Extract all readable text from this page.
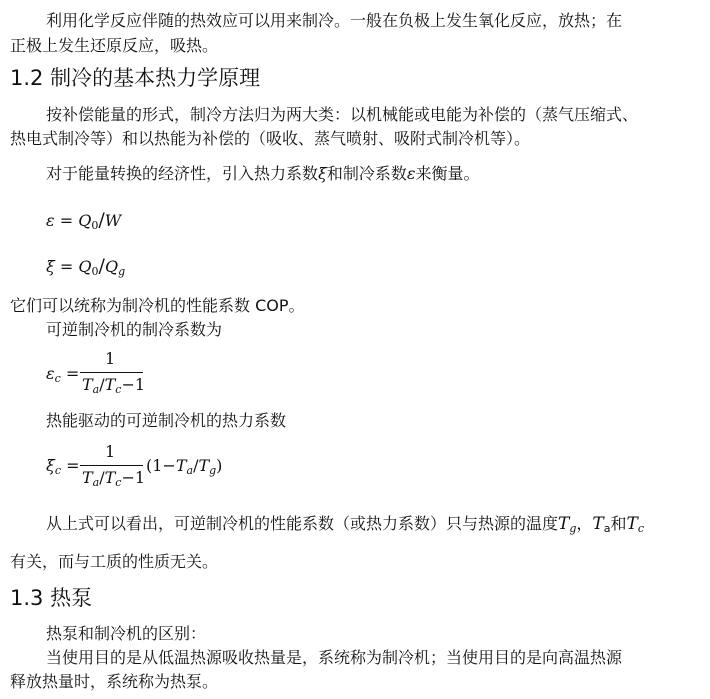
利用化学反应伴随的热效应可以用来制冷。一般在负极上发生氧化反应，放热；在
正极上发生还原反应，吸热。
1.2 制冷的基本热力学原理
按补偿能量的形式，制冷方法归为两大类：以机械能或电能为补偿的（蒸气压缩式、
热电式制冷等）和以热能为补偿的（吸收、蒸气喷射、吸附式制冷机等）。
对于能量转换的经济性，引入热力系数ξ和制冷系数ε来衡量。
$\varepsilon = Q_0/W$
$\xi = Q_0/Q_g$
它们可以统称为制冷机的性能系数 COP。
可逆制冷机的制冷系数为
$\varepsilon_c$ =
1
$T_a/T_c-1$
热能驱动的可逆制冷机的热力系数
$\xi_c$ =
1
$T_a/T_c-1$
$(1-T_a/T_g)$
从上式可以看出，可逆制冷机的性能系数（或热力系数）只与热源的温度$T_g$，$T_a$和$T_c$
有关，而与工质的性质无关。
1.3 热泵
热泵和制冷机的区别：
当使用目的是从低温热源吸收热量是，系统称为制冷机；当使用目的是向高温热源
释放热量时，系统称为热泵。
